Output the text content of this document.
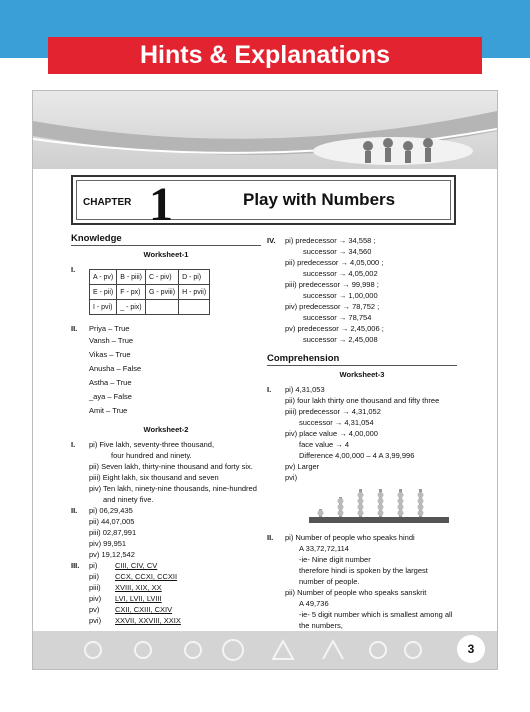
Hints & Explanations
CHAPTER 1	Play with Numbers
Knowledge
Worksheet-1
I.
A - pv)	B - piii)	C - piv)	D - pi)
E - pii)	F - px)	G - pviii)	H - pvii)
I - pvi)	_ - pix)		
II.	Priya – True
Vansh – True
Vikas – True
Anusha – False
Astha – True
_aya – False
Amit – True
Worksheet-2
I.	pi) Five lakh, seventy-three thousand,
four hundred and ninety.
pii) Seven lakh, thirty-nine thousand and forty six.
piii) Eight lakh, six thousand and seven
piv) Ten lakh, ninety-nine thousands, nine-hundred
and ninety five.
II.	pi) 06,29,435
pii) 44,07,005
piii) 02,87,991
piv) 99,951
pv) 19,12,542
III.	pi)	CIII, CIV, CV
pii)	CCX, CCXI, CCXII
piii)	XVIII, XIX, XX
piv)	LVI, LVII, LVIII
pv)	CXII, CXIII, CXIV
pvi)	XXVII, XXVIII, XXIX
IV.	pi) predecessor → 34,558 ;
successor → 34,560
pii) predecessor → 4,05,000 ;
successor → 4,05,002
piii) predecessor → 99,998 ;
successor → 1,00,000
piv) predecessor → 78,752 ;
successor → 78,754
pv) predecessor → 2,45,006 ;
successor → 2,45,008
Comprehension
Worksheet-3
I.	pi) 4,31,053
pii) four lakh thirty one thousand and fifty three
piii) predecessor → 4,31,052
successor → 4,31,054
piv) place value → 4,00,000
face value → 4
Difference 4,00,000 – 4 A 3,99,996
pv) Larger
pvi)
II.	pi) Number of people who speaks hindi
A 33,72,72,114
-ie- Nine digit number
therefore hindi is spoken by the largest
number of people.
pii) Number of people who speaks sanskrit
A 49,736
-ie- 5 digit number which is smallest among all
the numbers,
3
